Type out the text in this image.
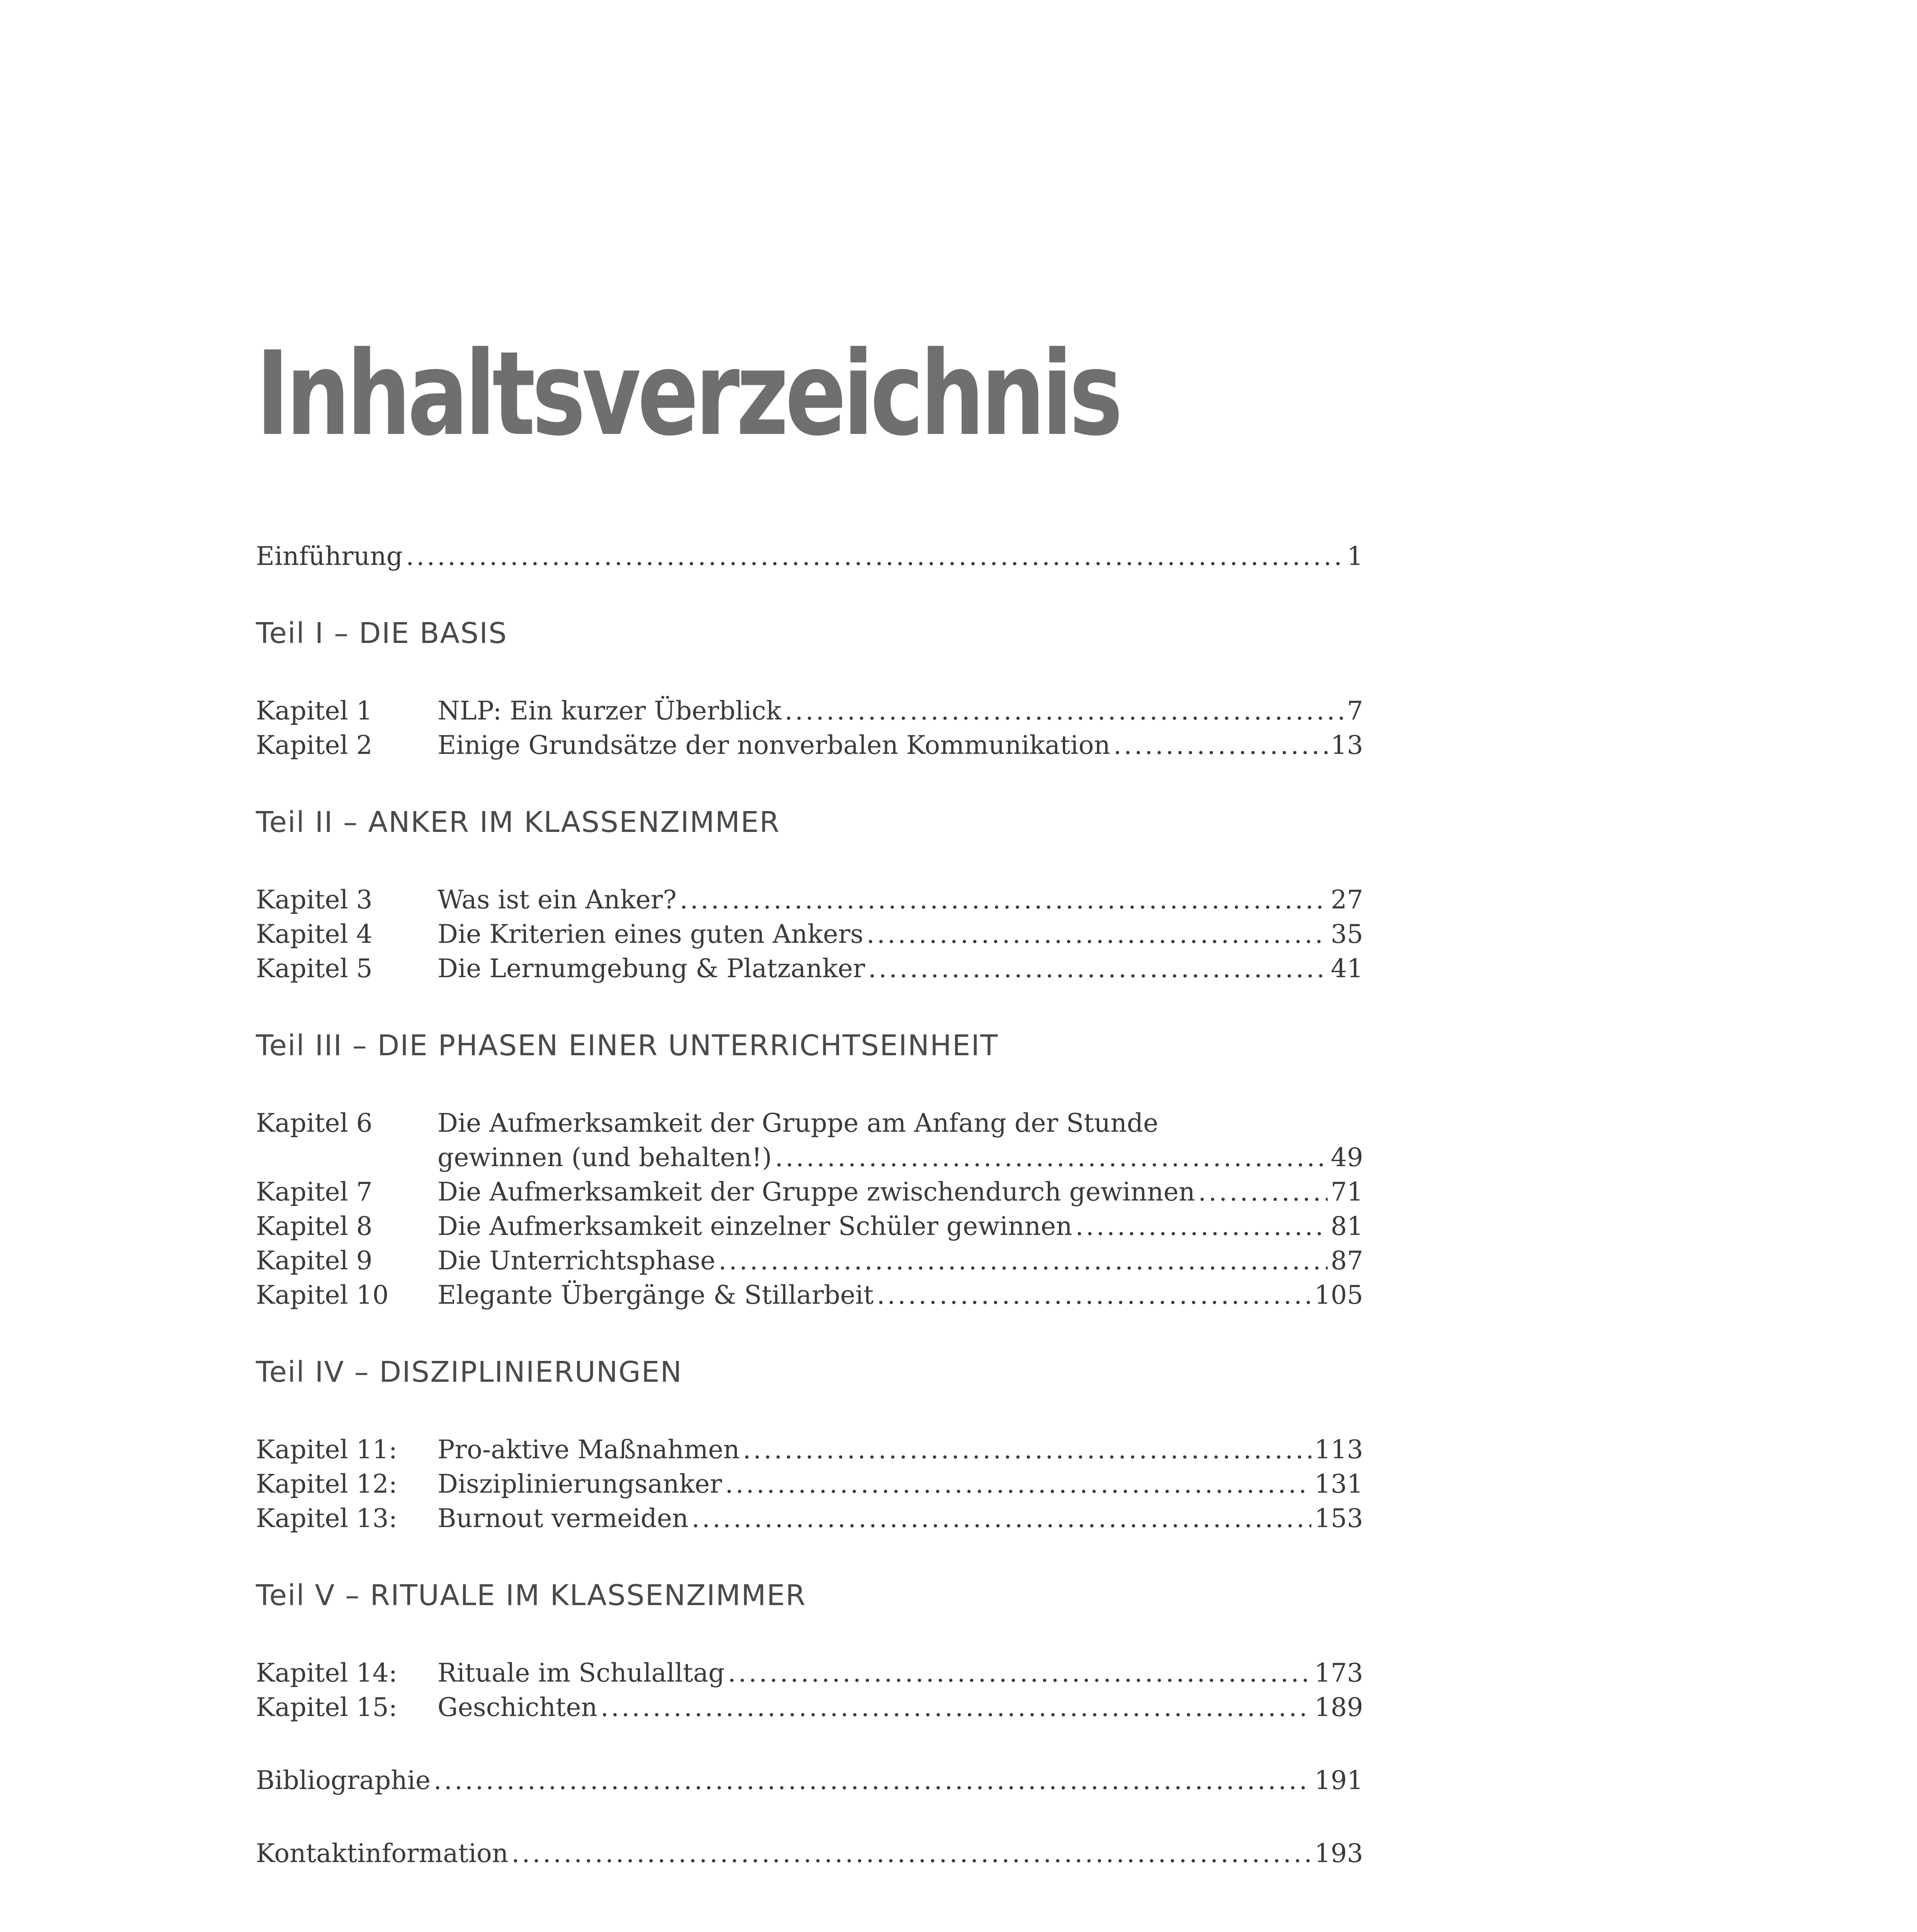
Inhaltsverzeichnis
Einführung .....	1
Teil I – DIE BASIS
Kapitel 1	NLP: Ein kurzer Überblick .....	7
Kapitel 2	Einige Grundsätze der nonverbalen Kommunikation .....	13
Teil II – ANKER IM KLASSENZIMMER
Kapitel 3	Was ist ein Anker? .....	27
Kapitel 4	Die Kriterien eines guten Ankers .....	35
Kapitel 5	Die Lernumgebung & Platzanker .....	41
Teil III – DIE PHASEN EINER UNTERRICHTSEINHEIT
Kapitel 6	Die Aufmerksamkeit der Gruppe am Anfang der Stunde
gewinnen (und behalten!) .....	49
Kapitel 7	Die Aufmerksamkeit der Gruppe zwischendurch gewinnen .....	71
Kapitel 8	Die Aufmerksamkeit einzelner Schüler gewinnen .....	81
Kapitel 9	Die Unterrichtsphase .....	87
Kapitel 10	Elegante Übergänge & Stillarbeit .....	105
Teil IV – DISZIPLINIERUNGEN
Kapitel 11:	Pro-aktive Maßnahmen .....	113
Kapitel 12:	Disziplinierungsanker .....	131
Kapitel 13:	Burnout vermeiden .....	153
Teil V – RITUALE IM KLASSENZIMMER
Kapitel 14:	Rituale im Schulalltag .....	173
Kapitel 15:	Geschichten .....	189
Bibliographie .....	191
Kontaktinformation .....	193
